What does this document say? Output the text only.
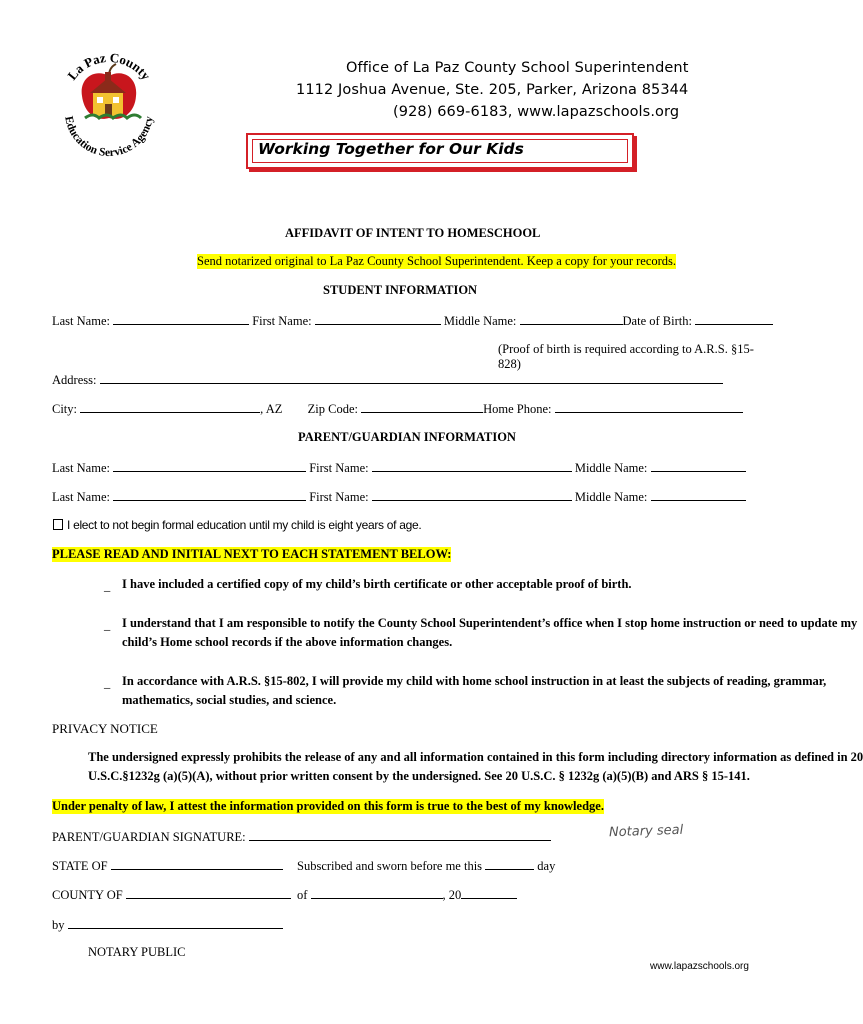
La Paz County
Education Service Agency
Office of La Paz County School Superintendent
1112 Joshua Avenue, Ste. 205, Parker, Arizona 85344
(928) 669-6183, www.lapazschools.org
Working Together for Our Kids
AFFIDAVIT OF INTENT TO HOMESCHOOL
Send notarized original to La Paz County School Superintendent. Keep a copy for your records.
STUDENT INFORMATION
Last Name:	First Name:	Middle Name:	Date of Birth:
(Proof of birth is required according to A.R.S. §15-828)
Address:
City:	, AZ Zip Code:	Home Phone:
PARENT/GUARDIAN INFORMATION
Last Name:	First Name:	Middle Name:
Last Name:	First Name:	Middle Name:
I elect to not begin formal education until my child is eight years of age.
PLEASE READ AND INITIAL NEXT TO EACH STATEMENT BELOW:
_ I have included a certified copy of my child’s birth certificate or other acceptable proof of birth.
_ I understand that I am responsible to notify the County School Superintendent’s office when I stop home instruction or need to update my
child’s Home school records if the above information changes.
_ In accordance with A.R.S. §15-802, I will provide my child with home school instruction in at least the subjects of reading, grammar,
mathematics, social studies, and science.
PRIVACY NOTICE
The undersigned expressly prohibits the release of any and all information contained in this form including directory information as defined in 20
U.S.C.§1232g (a)(5)(A), without prior written consent by the undersigned. See 20 U.S.C. § 1232g (a)(5)(B) and ARS § 15-141.
Under penalty of law, I attest the information provided on this form is true to the best of my knowledge.
PARENT/GUARDIAN SIGNATURE:	Notary seal
STATE OF	Subscribed and sworn before me this	day
COUNTY OF	of	, 20
by
NOTARY PUBLIC
www.lapazschools.org
